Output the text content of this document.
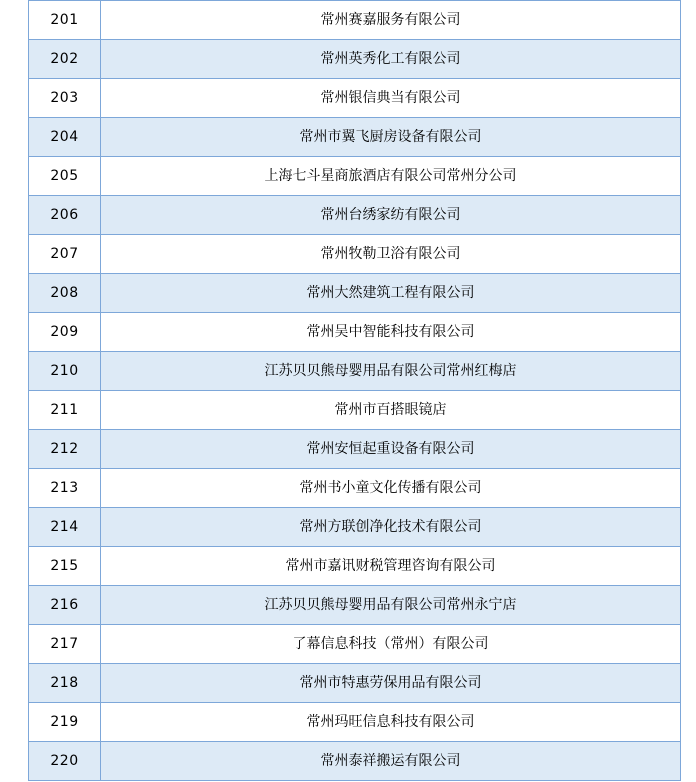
201	常州赛嘉服务有限公司
202	常州英秀化工有限公司
203	常州银信典当有限公司
204	常州市翼飞厨房设备有限公司
205	上海七斗星商旅酒店有限公司常州分公司
206	常州台绣家纺有限公司
207	常州牧勒卫浴有限公司
208	常州大然建筑工程有限公司
209	常州吴中智能科技有限公司
210	江苏贝贝熊母婴用品有限公司常州红梅店
211	常州市百搭眼镜店
212	常州安恒起重设备有限公司
213	常州书小童文化传播有限公司
214	常州方联创净化技术有限公司
215	常州市嘉讯财税管理咨询有限公司
216	江苏贝贝熊母婴用品有限公司常州永宁店
217	了幕信息科技（常州）有限公司
218	常州市特惠劳保用品有限公司
219	常州玛旺信息科技有限公司
220	常州泰祥搬运有限公司
